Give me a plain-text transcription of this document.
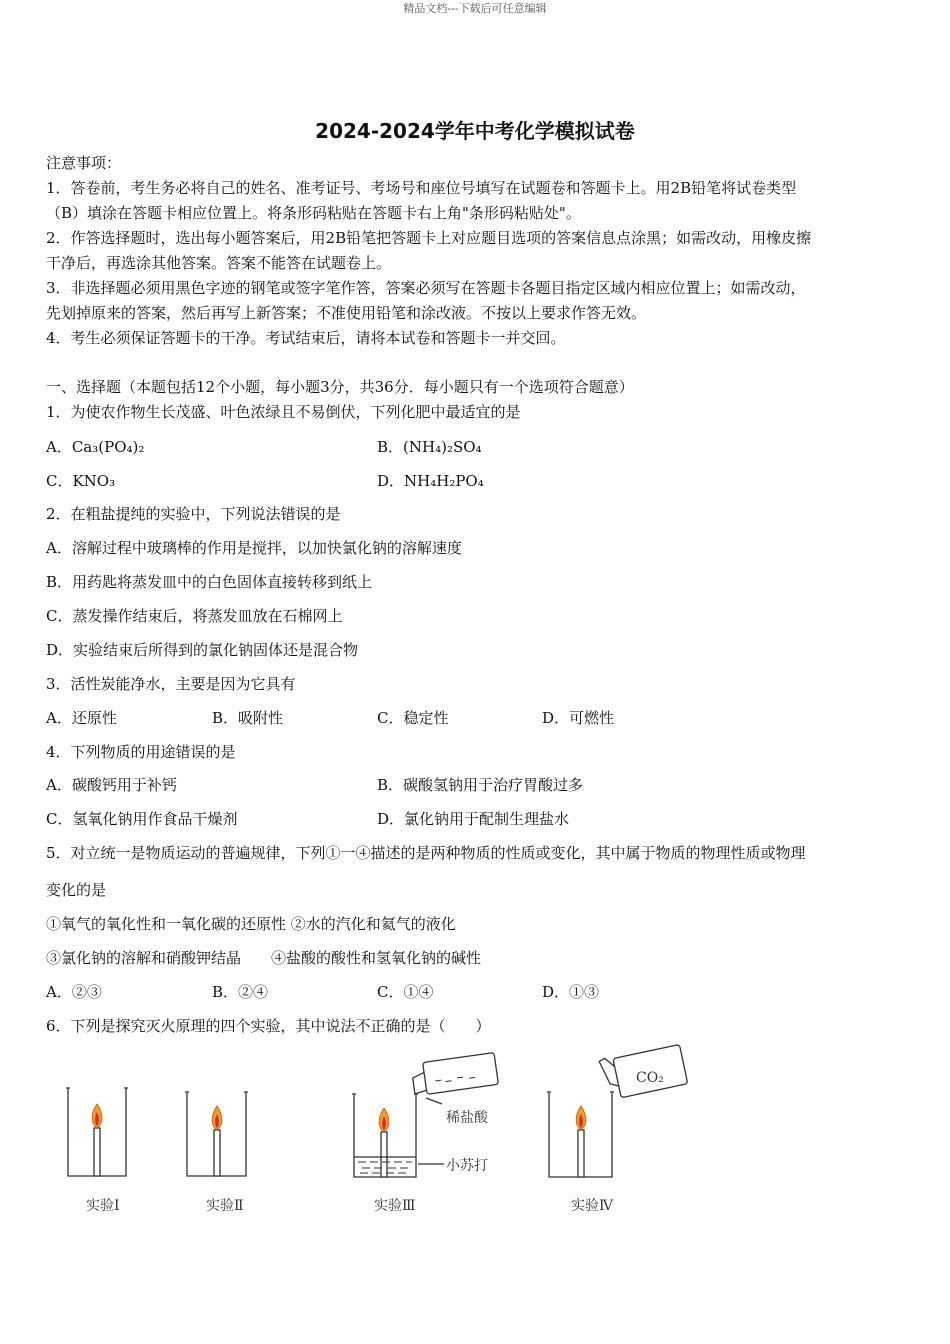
精品文档---下载后可任意编辑
2024-2024学年中考化学模拟试卷
注意事项：
1．答卷前，考生务必将自己的姓名、准考证号、考场号和座位号填写在试题卷和答题卡上。用2B铅笔将试卷类型
（B）填涂在答题卡相应位置上。将条形码粘贴在答题卡右上角"条形码粘贴处"。
2．作答选择题时，选出每小题答案后，用2B铅笔把答题卡上对应题目选项的答案信息点涂黑；如需改动，用橡皮擦
干净后，再选涂其他答案。答案不能答在试题卷上。
3．非选择题必须用黑色字迹的钢笔或签字笔作答，答案必须写在答题卡各题目指定区域内相应位置上；如需改动，
先划掉原来的答案，然后再写上新答案；不准使用铅笔和涂改液。不按以上要求作答无效。
4．考生必须保证答题卡的干净。考试结束后，请将本试卷和答题卡一并交回。
一、选择题（本题包括12个小题，每小题3分，共36分．每小题只有一个选项符合题意）
1．为使农作物生长茂盛、叶色浓绿且不易倒伏，下列化肥中最适宜的是
A．Ca₃(PO₄)₂	B．(NH₄)₂SO₄
C．KNO₃	D．NH₄H₂PO₄
2．在粗盐提纯的实验中，下列说法错误的是
A．溶解过程中玻璃棒的作用是搅拌，以加快氯化钠的溶解速度
B．用药匙将蒸发皿中的白色固体直接转移到纸上
C．蒸发操作结束后，将蒸发皿放在石棉网上
D．实验结束后所得到的氯化钠固体还是混合物
3．活性炭能净水，主要是因为它具有
A．还原性	B．吸附性	C．稳定性	D．可燃性
4．下列物质的用途错误的是
A．碳酸钙用于补钙	B．碳酸氢钠用于治疗胃酸过多
C．氢氧化钠用作食品干燥剂	D．氯化钠用于配制生理盐水
5．对立统一是物质运动的普遍规律，下列①一④描述的是两种物质的性质或变化，其中属于物质的物理性质或物理
变化的是
①氧气的氧化性和一氧化碳的还原性 ②水的汽化和氦气的液化
③氯化钠的溶解和硝酸钾结晶　　④盐酸的酸性和氢氧化钠的碱性
A．②③	B．②④	C．①④	D．①③
6．下列是探究灭火原理的四个实验，其中说法不正确的是（　　）
稀盐酸
小苏打
CO₂
实验Ⅰ	实验Ⅱ	实验Ⅲ	实验Ⅳ
